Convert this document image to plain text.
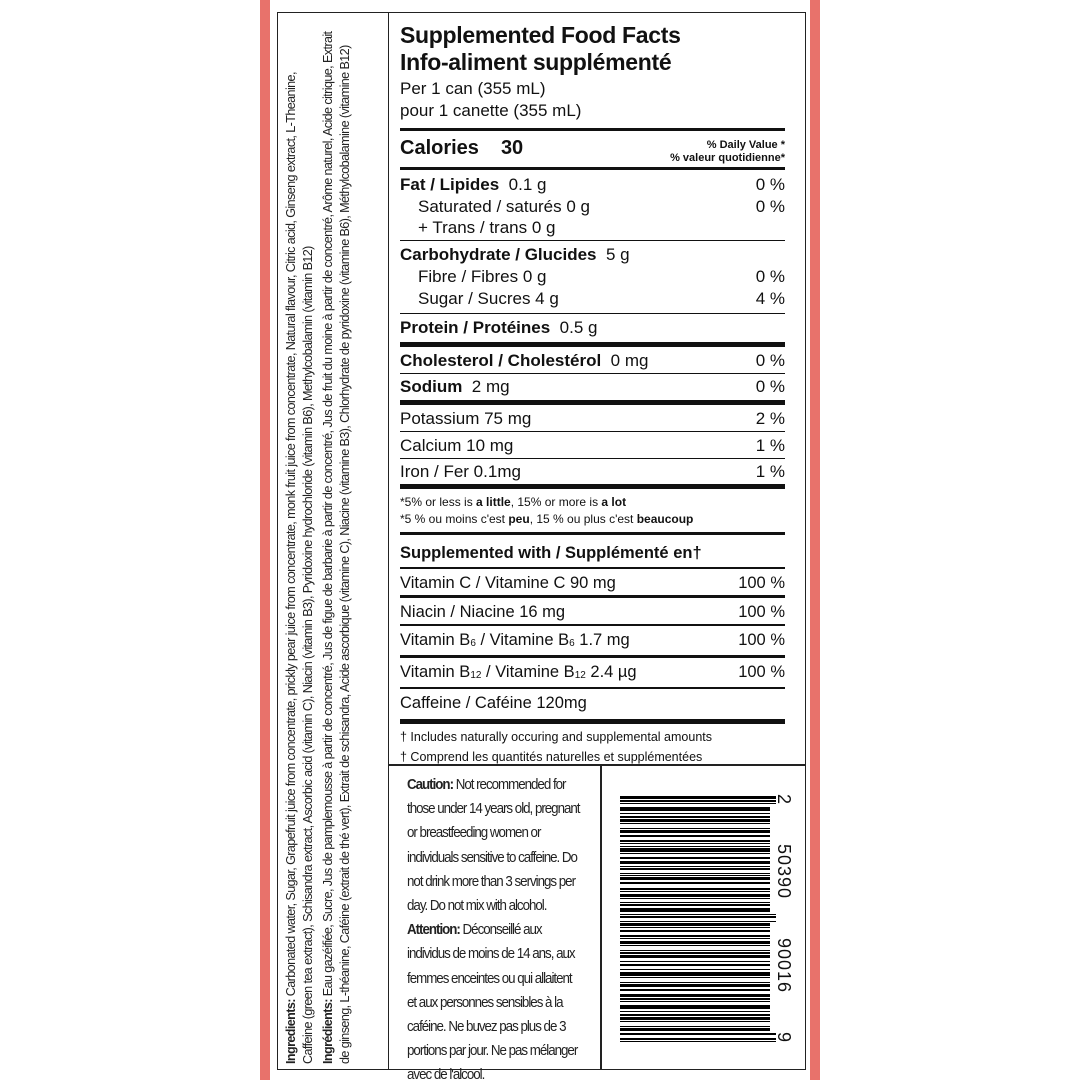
Ingredients: Carbonated water, Sugar, Grapefruit juice from concentrate, prickly pear juice from concentrate, monk fruit juice from concentrate, Natural flavour, Citric acid, Ginseng extract, L-Theanine, Caffeine (green tea extract), Schisandra extract, Ascorbic acid (vitamin C), Niacin (vitamin B3), Pyridoxine hydrochloride (vitamin B6), Methylcobalamin (vitamin B12) Ingrédients: Eau gazéifiée, Sucre, Jus de pamplemousse à partir de concentré, Jus de figue de barbarie à partir de concentré, Jus de fruit du moine à partir de concentré, Arôme naturel, Acide citrique, Extrait de ginseng, L-théanine, Caféine (extrait de thé vert), Extrait de schisandra, Acide ascorbique (vitamine C), Niacine (vitamine B3), Chlorhydrate de pyridoxine (vitamine B6), Méthylcobalamine (vitamine B12)

Supplemented Food Facts
Info-aliment supplémenté
Per 1 can (355 mL)
pour 1 canette (355 mL)
Calories 30	% Daily Value *
% valeur quotidienne*
Fat / Lipides 0.1 g	0 %
Saturated / saturés 0 g	0 %
+ Trans / trans 0 g
Carbohydrate / Glucides 5 g
Fibre / Fibres 0 g	0 %
Sugar / Sucres 4 g	4 %
Protein / Protéines 0.5 g
Cholesterol / Cholestérol 0 mg	0 %
Sodium 2 mg	0 %
Potassium 75 mg	2 %
Calcium 10 mg	1 %
Iron / Fer 0.1mg	1 %
*5% or less is a little, 15% or more is a lot
*5 % ou moins c'est peu, 15 % ou plus c'est beaucoup
Supplemented with / Supplémenté en†
Vitamin C / Vitamine C 90 mg	100 %
Niacin / Niacine 16 mg	100 %
Vitamin $B_6$ / Vitamine $B_6$ 1.7 mg	100 %
Vitamin $B_{12}$ / Vitamine $B_{12}$ 2.4 µg	100 %
Caffeine / Caféine 120mg
† Includes naturally occuring and supplemental amounts
† Comprend les quantités naturelles et supplémentées
Caution: Not recommended for those under 14 years old, pregnant or breastfeeding women or individuals sensitive to caffeine. Do not drink more than 3 servings per day. Do not mix with alcohol.
Attention: Déconseillé aux individus de moins de 14 ans, aux femmes enceintes ou qui allaitent et aux personnes sensibles à la caféine. Ne buvez pas plus de 3 portions par jour. Ne pas mélanger avec de l'alcool.
2
50390
90016
9
